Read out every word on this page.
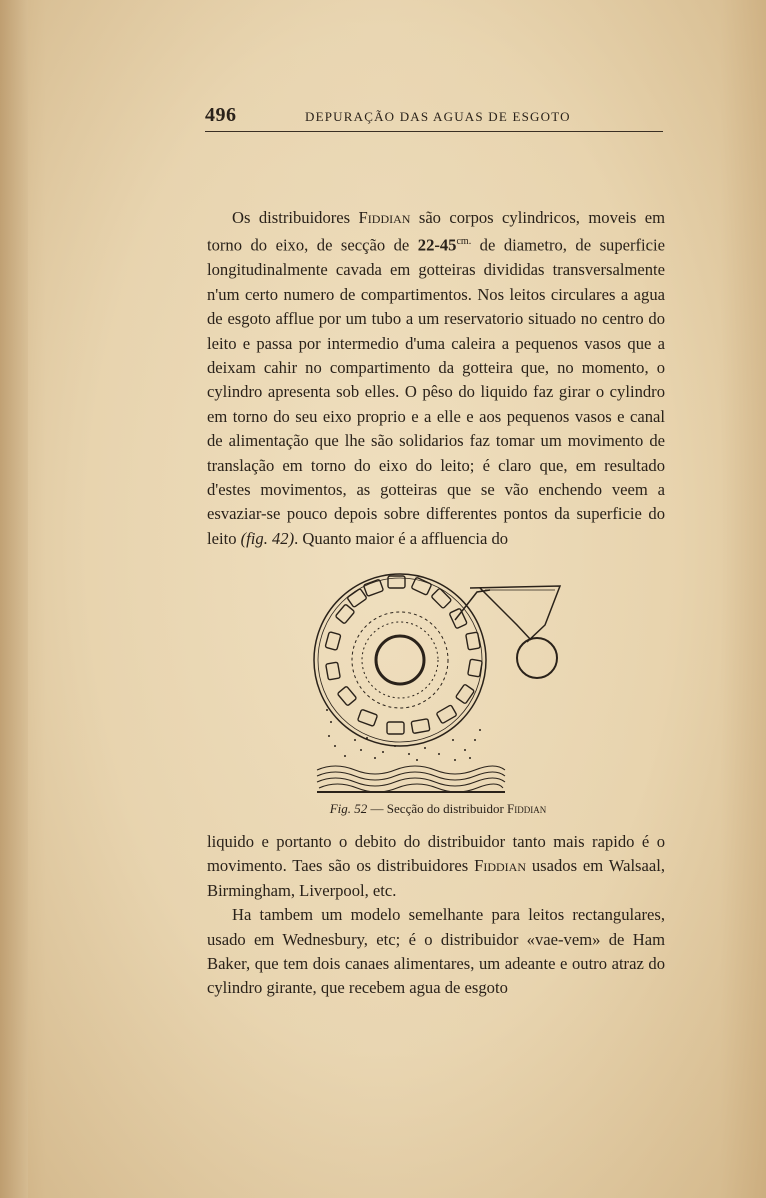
496	DEPURAÇÃO DAS AGUAS DE ESGOTO

Os distribuidores Fiddian são corpos cylindricos, moveis em torno do eixo, de secção de $22-45^{cm.}$ de diametro, de superficie longitudinalmente cavada em gotteiras divididas transversalmente n'um certo numero de compartimentos. Nos leitos circulares a agua de esgoto afflue por um tubo a um reservatorio situado no centro do leito e passa por intermedio d'uma caleira a pequenos vasos que a deixam cahir no compartimento da gotteira que, no momento, o cylindro apresenta sob elles. O pêso do liquido faz girar o cylindro em torno do seu eixo proprio e a elle e aos pequenos vasos e canal de alimentação que lhe são solidarios faz tomar um movimento de translação em torno do eixo do leito; é claro que, em resultado d'estes movimentos, as gotteiras que se vão enchendo veem a esvaziar-se pouco depois sobre differentes pontos da superficie do leito (fig. 42). Quanto maior é a affluencia do

Fig. 52 — Secção do distribuidor Fiddian

liquido e portanto o debito do distribuidor tanto mais rapido é o movimento. Taes são os distribuidores Fiddian usados em Walsaal, Birmingham, Liverpool, etc.

Ha tambem um modelo semelhante para leitos rectangulares, usado em Wednesbury, etc; é o distribuidor «vae-vem» de Ham Baker, que tem dois canaes alimentares, um adeante e outro atraz do cylindro girante, que recebem agua de esgoto
